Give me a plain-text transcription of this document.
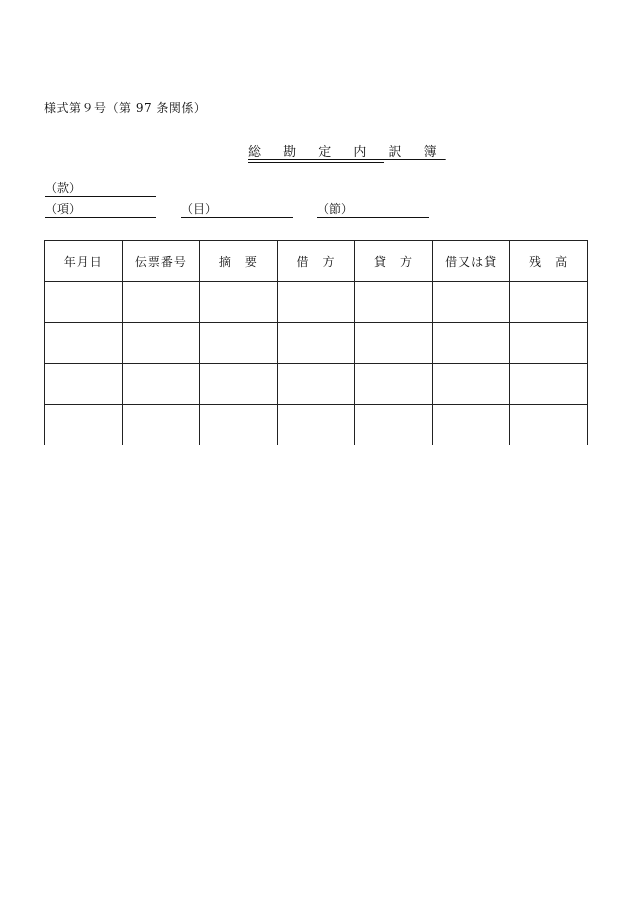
様式第９号（第 97 条関係）
総 勘 定 内 訳 簿
（款）
（項）	（目）	（節）
年月日	伝票番号	摘　要	借　方	貸　方	借又は貸	残　高
